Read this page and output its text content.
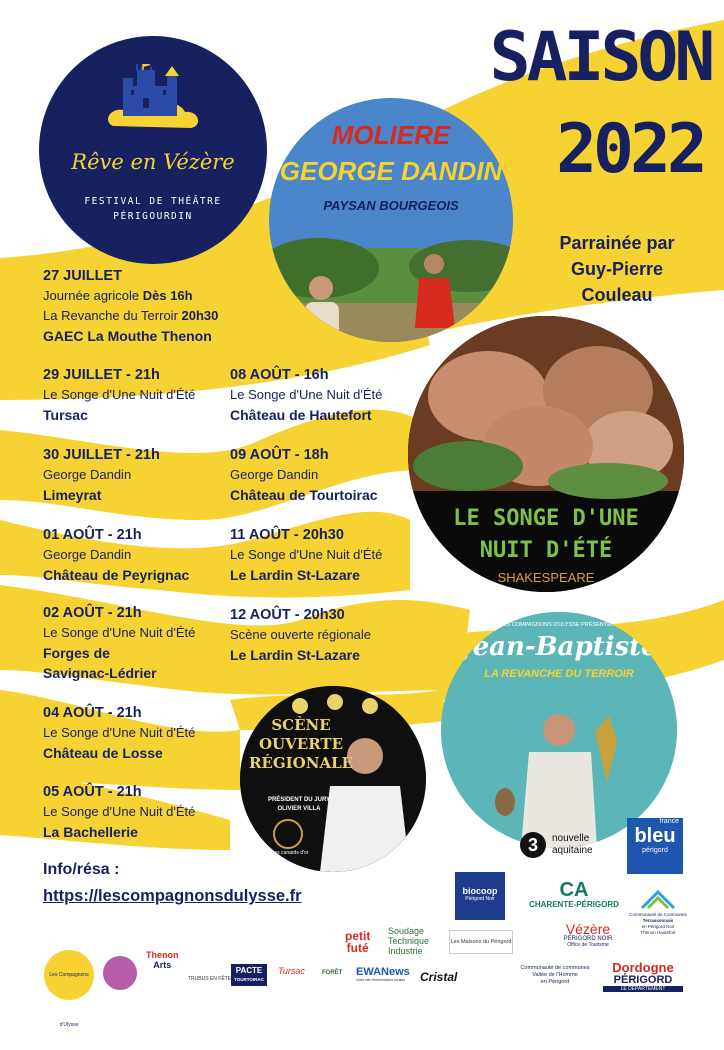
Rêve en Vézère
FESTIVAL DE THÉÂTRE
PÉRIGOURDIN
SAISON
2022
Parrainée par
Guy-Pierre
Couleau
MOLIERE
GEORGE DANDIN
PAYSAN BOURGEOIS
LE SONGE D'UNE
NUIT D'ÉTÉ
SHAKESPEARE
SCÈNE
OUVERTE
RÉGIONALE
PRÉSIDENT DU JURY
OLIVIER VILLA
Les canards d'or
LES COMPAGNONS D'ULYSSE PRÉSENTENT
Jean-Baptiste
LA REVANCHE DU TERROIR
27 JUILLET
Journée agricole Dès 16h
La Revanche du Terroir 20h30
GAEC La Mouthe Thenon
29 JUILLET - 21h
Le Songe d'Une Nuit d'Été
Tursac
30 JUILLET - 21h
George Dandin
Limeyrat
01 AOÛT - 21h
George Dandin
Château de Peyrignac
02 AOÛT - 21h
Le Songe d'Une Nuit d'Été
Forges de
Savignac-Lédrier
04 AOÛT - 21h
Le Songe d'Une Nuit d'Été
Château de Losse
05 AOÛT - 21h
Le Songe d'Une Nuit d'Été
La Bachellerie
08 AOÛT - 16h
Le Songe d'Une Nuit d'Été
Château de Hautefort
09 AOÛT - 18h
George Dandin
Château de Tourtoirac
11 AOÛT - 20h30
Le Songe d'Une Nuit d'Été
Le Lardin St-Lazare
12 AOÛT - 20h30
Scène ouverte régionale
Le Lardin St-Lazare
Info/résa :
https://lescompagnonsdulysse.fr
3	nouvelle
aquitaine
france
bleu
périgord
biocoop
Périgord Noir	CA
CHARENTE-PÉRIGORD
Communauté de Communes
Terrassonnais
en Périgord Noir
Thenon Hautefort
petit
futé
Soudage
Technique
Industrie
Les Maisons du Périgord
Vézère
PÉRIGORD NOIR
Office de Tourisme
Communauté de communes
Vallée de l'Homme
en Périgord
Dordogne
PÉRIGORD
LE DÉPARTEMENT
Les Compagnons d'Ulysse
Thenon
Arts
TRUBUS EN FÊTE
PACTE
TOURTOIRAC
Tursac	FORÊT EWANews
Votre site d'informations locales	Cristal
